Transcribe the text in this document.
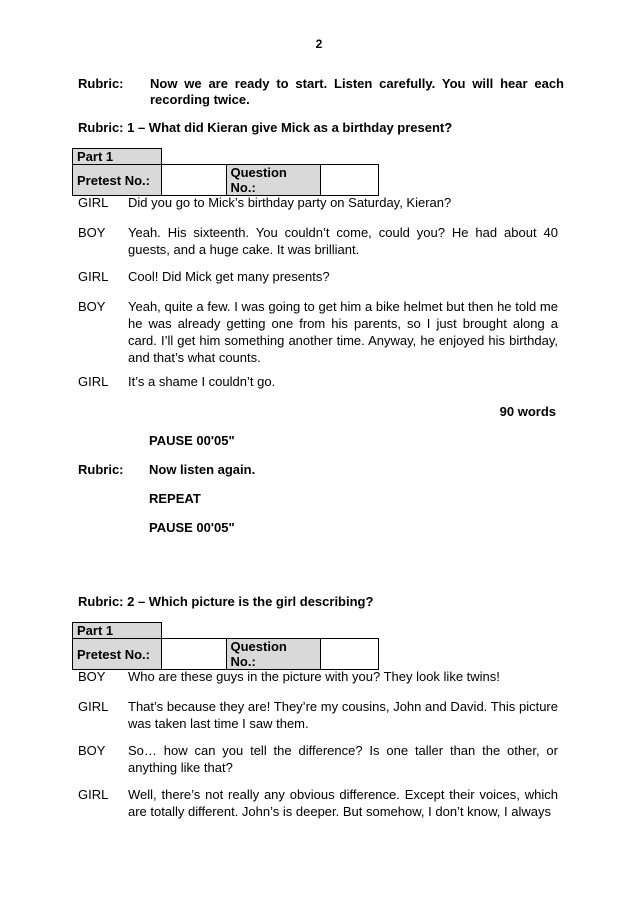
2
Rubric: Now we are ready to start. Listen carefully. You will hear each recording twice.
Rubric: 1 – What did Kieran give Mick as a birthday present?
Part 1			
Pretest No.:		Question No.:	
GIRL Did you go to Mick’s birthday party on Saturday, Kieran?
BOY Yeah. His sixteenth. You couldn’t come, could you? He had about 40 guests, and a huge cake. It was brilliant.
GIRL Cool! Did Mick get many presents?
BOY Yeah, quite a few. I was going to get him a bike helmet but then he told me he was already getting one from his parents, so I just brought along a card. I’ll get him something another time. Anyway, he enjoyed his birthday, and that’s what counts.
GIRL It’s a shame I couldn’t go.
90 words
PAUSE 00'05"
Rubric: Now listen again.
REPEAT
PAUSE 00'05"
Rubric: 2 – Which picture is the girl describing?
Part 1			
Pretest No.:		Question No.:	
BOY Who are these guys in the picture with you? They look like twins!
GIRL That’s because they are! They’re my cousins, John and David. This picture was taken last time I saw them.
BOY So… how can you tell the difference? Is one taller than the other, or anything like that?
GIRL Well, there’s not really any obvious difference. Except their voices, which are totally different. John’s is deeper. But somehow, I don’t know, I always
